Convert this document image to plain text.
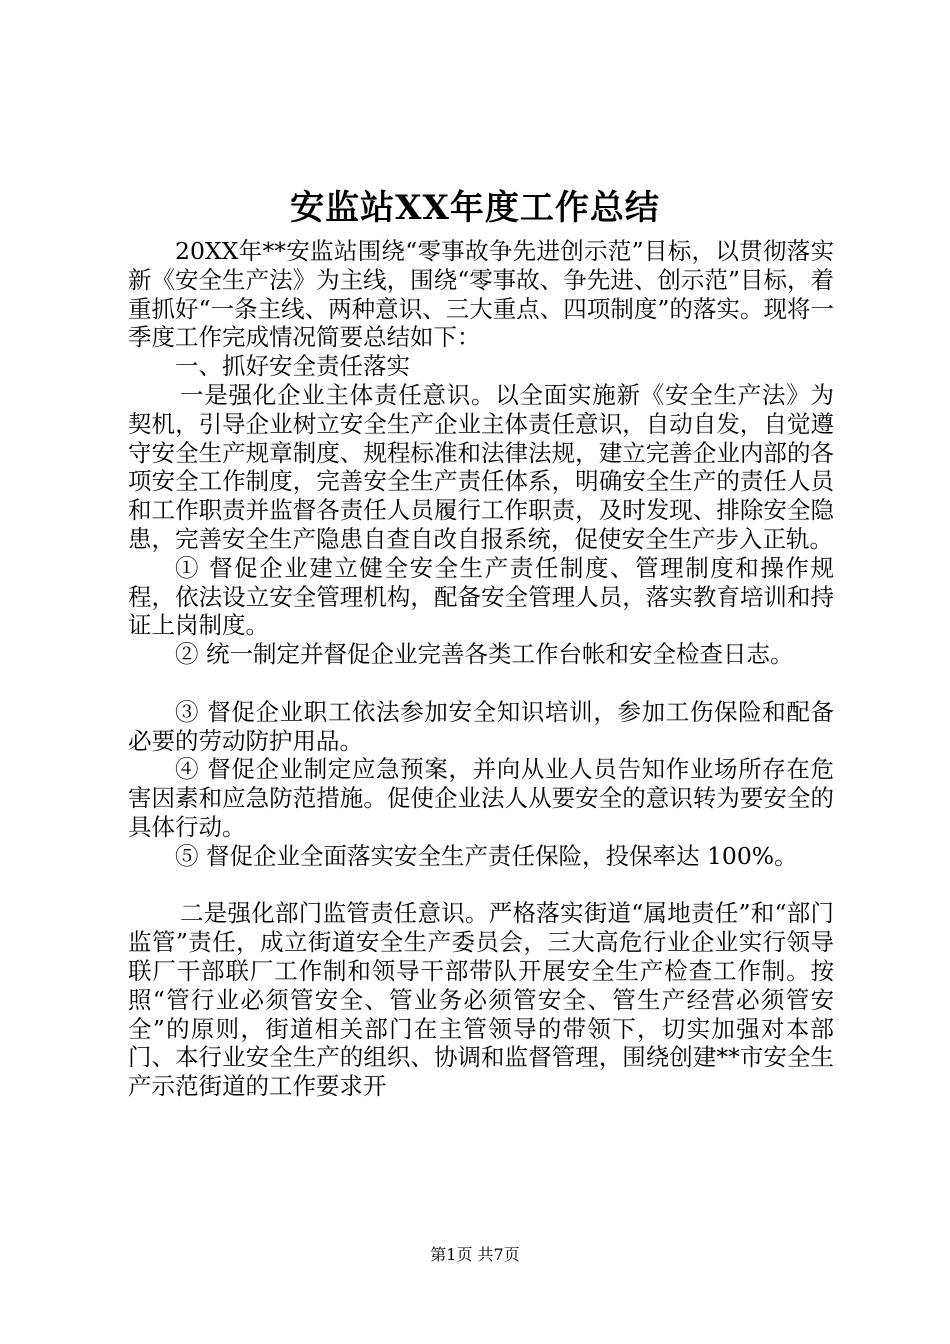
安监站XX年度工作总结

20XX年**安监站围绕“零事故争先进创示范”目标，以贯彻落实新《安全生产法》为主线，围绕“零事故、争先进、创示范”目标，着重抓好“一条主线、两种意识、三大重点、四项制度”的落实。现将一季度工作完成情况简要总结如下：

一、抓好安全责任落实

一是强化企业主体责任意识。以全面实施新《安全生产法》为契机，引导企业树立安全生产企业主体责任意识，自动自发，自觉遵守安全生产规章制度、规程标准和法律法规，建立完善企业内部的各项安全工作制度，完善安全生产责任体系，明确安全生产的责任人员和工作职责并监督各责任人员履行工作职责，及时发现、排除安全隐患，完善安全生产隐患自查自改自报系统，促使安全生产步入正轨。

① 督促企业建立健全安全生产责任制度、管理制度和操作规程，依法设立安全管理机构，配备安全管理人员，落实教育培训和持证上岗制度。

② 统一制定并督促企业完善各类工作台帐和安全检查日志。

③ 督促企业职工依法参加安全知识培训，参加工伤保险和配备必要的劳动防护用品。

④ 督促企业制定应急预案，并向从业人员告知作业场所存在危害因素和应急防范措施。促使企业法人从要安全的意识转为要安全的具体行动。

⑤ 督促企业全面落实安全生产责任保险，投保率达 100%。

二是强化部门监管责任意识。严格落实街道“属地责任”和“部门监管”责任，成立街道安全生产委员会，三大高危行业企业实行领导联厂干部联厂工作制和领导干部带队开展安全生产检查工作制。按照“管行业必须管安全、管业务必须管安全、管生产经营必须管安全”的原则，街道相关部门在主管领导的带领下，切实加强对本部门、本行业安全生产的组织、协调和监督管理，围绕创建**市安全生产示范街道的工作要求开

第1页 共7页
